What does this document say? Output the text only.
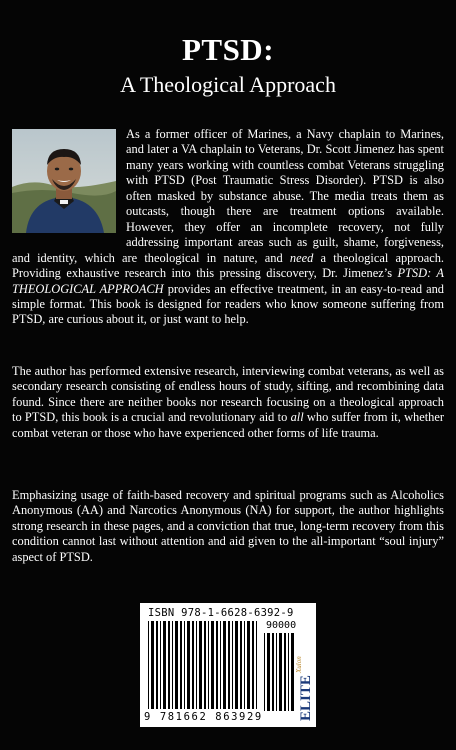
PTSD:
A Theological Approach
As a former officer of Marines, a Navy chaplain to Marines, and later a VA chaplain to Veterans, Dr. Scott Jimenez has spent many years working with countless combat Veterans struggling with PTSD (Post Traumatic Stress Disorder). PTSD is also often masked by substance abuse. The media treats them as outcasts, though there are treatment options available. However, they offer an incomplete recovery, not fully addressing important areas such as guilt, shame, forgiveness, and identity, which are theological in nature, and need a theological approach. Providing exhaustive research into this pressing discovery, Dr. Jimenez’s PTSD: A THEOLOGICAL APPROACH provides an effective treatment, in an easy-to-read and simple format. This book is designed for readers who know someone suffering from PTSD, are curious about it, or just want to help.
The author has performed extensive research, interviewing combat veterans, as well as secondary research consisting of endless hours of study, sifting, and recombining data found. Since there are neither books nor research focusing on a theological approach to PTSD, this book is a crucial and revolutionary aid to all who suffer from it, whether combat veteran or those who have experienced other forms of life trauma.
Emphasizing usage of faith-based recovery and spiritual programs such as Alcoholics Anonymous (AA) and Narcotics Anonymous (NA) for support, the author highlights strong research in these pages, and a conviction that true, long-term recovery from this condition cannot last without attention and aid given to the all-important “soul injury” aspect of PTSD.
ISBN 978-1-6628-6392-9
90000
9 781662 863929 ELITE
Xulon
